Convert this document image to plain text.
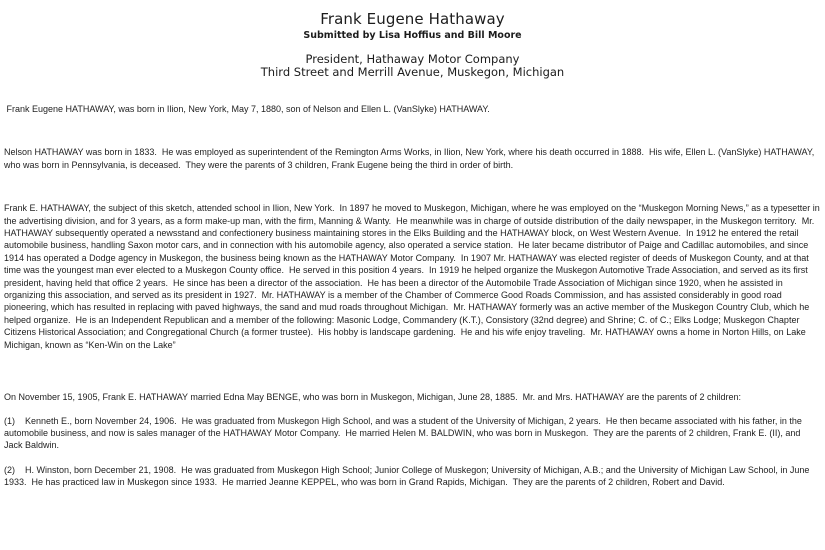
Frank Eugene Hathaway
Submitted by Lisa Hoffius and Bill Moore
President, Hathaway Motor Company
Third Street and Merrill Avenue, Muskegon, Michigan

Frank Eugene HATHAWAY, was born in Ilion, New York, May 7, 1880, son of Nelson and Ellen L. (VanSlyke) HATHAWAY.

Nelson HATHAWAY was born in 1833.  He was employed as superintendent of the Remington Arms Works, in Ilion, New York, where his death occurred in 1888.  His wife, Ellen L. (VanSlyke) HATHAWAY, who was born in Pennsylvania, is deceased.  They were the parents of 3 children, Frank Eugene being the third in order of birth.

Frank E. HATHAWAY, the subject of this sketch, attended school in Ilion, New York.  In 1897 he moved to Muskegon, Michigan, where he was employed on the “Muskegon Morning News,” as a typesetter in the advertising division, and for 3 years, as a form make-up man, with the firm, Manning & Wanty.  He meanwhile was in charge of outside distribution of the daily newspaper, in the Muskegon territory.  Mr. HATHAWAY subsequently operated a newsstand and confectionery business maintaining stores in the Elks Building and the HATHAWAY block, on West Western Avenue.  In 1912 he entered the retail automobile business, handling Saxon motor cars, and in connection with his automobile agency, also operated a service station.  He later became distributor of Paige and Cadillac automobiles, and since 1914 has operated a Dodge agency in Muskegon, the business being known as the HATHAWAY Motor Company.  In 1907 Mr. HATHAWAY was elected register of deeds of Muskegon County, and at that time was the youngest man ever elected to a Muskegon County office.  He served in this position 4 years.  In 1919 he helped organize the Muskegon Automotive Trade Association, and served as its first president, having held that office 2 years.  He since has been a director of the association.  He has been a director of the Automobile Trade Association of Michigan since 1920, when he assisted in organizing this association, and served as its president in 1927.  Mr. HATHAWAY is a member of the Chamber of Commerce Good Roads Commission, and has assisted considerably in good road pioneering, which has resulted in replacing with paved highways, the sand and mud roads throughout Michigan.  Mr. HATHAWAY formerly was an active member of the Muskegon Country Club, which he helped organize.  He is an Independent Republican and a member of the following: Masonic Lodge, Commandery (K.T.), Consistory (32nd degree) and Shrine; C. of C.; Elks Lodge; Muskegon Chapter Citizens Historical Association; and Congregational Church (a former trustee).  His hobby is landscape gardening.  He and his wife enjoy traveling.  Mr. HATHAWAY owns a home in Norton Hills, on Lake Michigan, known as “Ken-Win on the Lake”

On November 15, 1905, Frank E. HATHAWAY married Edna May BENGE, who was born in Muskegon, Michigan, June 28, 1885.  Mr. and Mrs. HATHAWAY are the parents of 2 children:

(1)    Kenneth E., born November 24, 1906.  He was graduated from Muskegon High School, and was a student of the University of Michigan, 2 years.  He then became associated with his father, in the automobile business, and now is sales manager of the HATHAWAY Motor Company.  He married Helen M. BALDWIN, who was born in Muskegon.  They are the parents of 2 children, Frank E. (II), and Jack Baldwin.

(2)    H. Winston, born December 21, 1908.  He was graduated from Muskegon High School; Junior College of Muskegon; University of Michigan, A.B.; and the University of Michigan Law School, in June 1933.  He has practiced law in Muskegon since 1933.  He married Jeanne KEPPEL, who was born in Grand Rapids, Michigan.  They are the parents of 2 children, Robert and David.
